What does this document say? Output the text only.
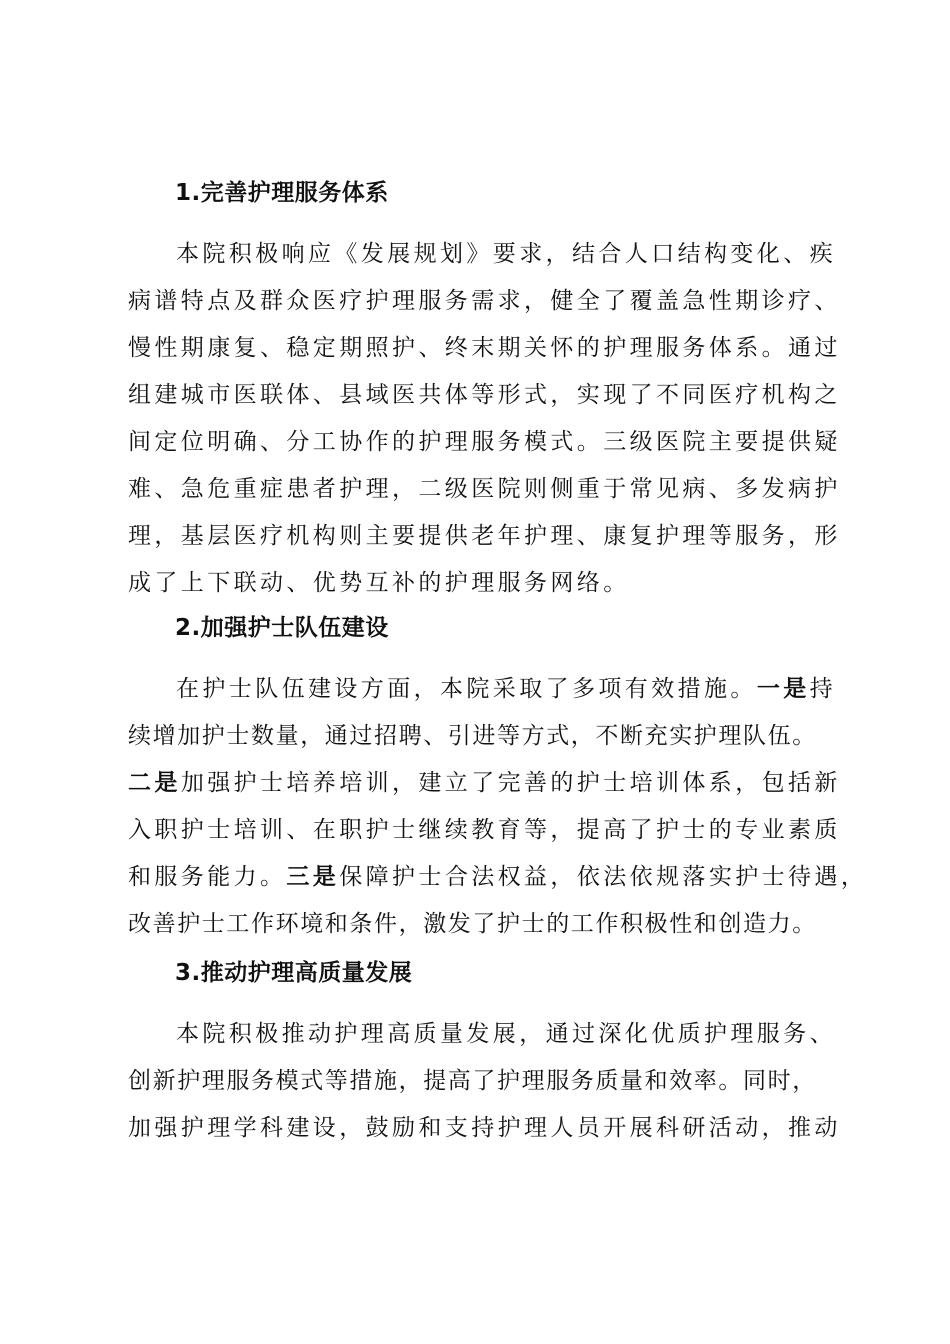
1.完善护理服务体系
本院积极响应《发展规划》要求，结合人口结构变化、疾
病谱特点及群众医疗护理服务需求，健全了覆盖急性期诊疗、
慢性期康复、稳定期照护、终末期关怀的护理服务体系。通过
组建城市医联体、县域医共体等形式，实现了不同医疗机构之
间定位明确、分工协作的护理服务模式。三级医院主要提供疑
难、急危重症患者护理，二级医院则侧重于常见病、多发病护
理，基层医疗机构则主要提供老年护理、康复护理等服务，形
成了上下联动、优势互补的护理服务网络。
2.加强护士队伍建设
在护士队伍建设方面，本院采取了多项有效措施。一是持
续增加护士数量，通过招聘、引进等方式，不断充实护理队伍。
二是加强护士培养培训，建立了完善的护士培训体系，包括新
入职护士培训、在职护士继续教育等，提高了护士的专业素质
和服务能力。三是保障护士合法权益，依法依规落实护士待遇，
改善护士工作环境和条件，激发了护士的工作积极性和创造力。
3.推动护理高质量发展
本院积极推动护理高质量发展，通过深化优质护理服务、
创新护理服务模式等措施，提高了护理服务质量和效率。同时，
加强护理学科建设，鼓励和支持护理人员开展科研活动，推动
